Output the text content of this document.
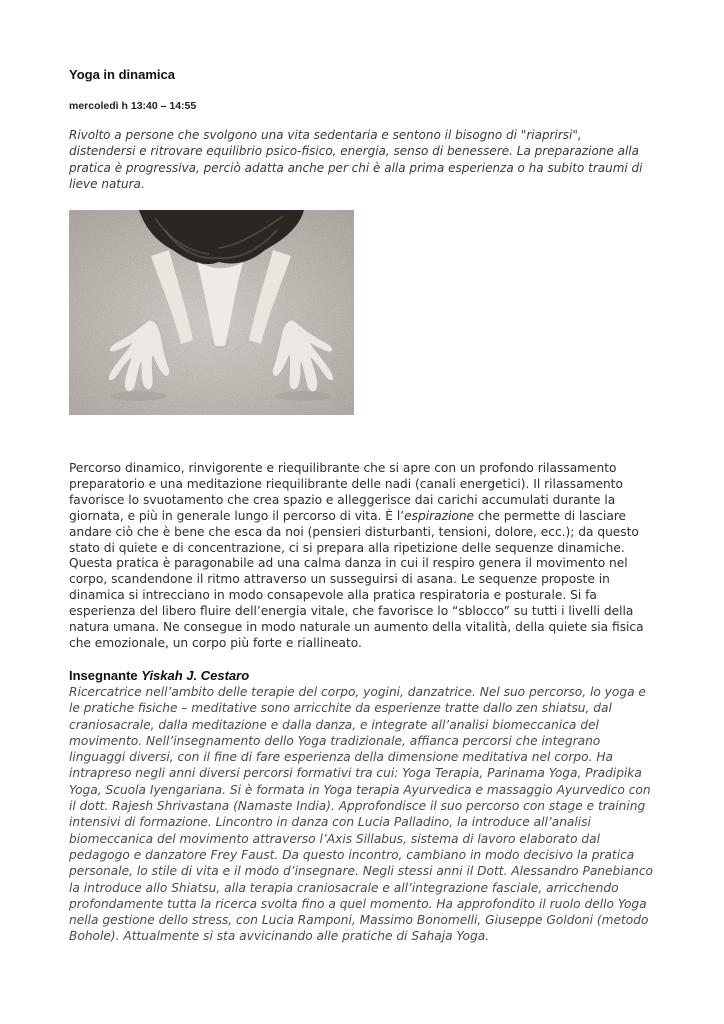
Yoga in dinamica
mercoledì h 13:40 – 14:55
Rivolto a persone che svolgono una vita sedentaria e sentono il bisogno di "riaprirsi", distendersi e ritrovare equilibrio psico-fisico, energia, senso di benessere. La preparazione alla pratica è progressiva, perciò adatta anche per chi è alla prima esperienza o ha subito traumi di lieve natura.
Percorso dinamico, rinvigorente e riequilibrante che si apre con un profondo rilassamento preparatorio e una meditazione riequilibrante delle nadi (canali energetici). Il rilassamento favorisce lo svuotamento che crea spazio e alleggerisce dai carichi accumulati durante la giornata, e più in generale lungo il percorso di vita. È l’espirazione che permette di lasciare andare ciò che è bene che esca da noi (pensieri disturbanti, tensioni, dolore, ecc.); da questo stato di quiete e di concentrazione, ci si prepara alla ripetizione delle sequenze dinamiche. Questa pratica è paragonabile ad una calma danza in cui il respiro genera il movimento nel corpo, scandendone il ritmo attraverso un susseguirsi di asana. Le sequenze proposte in dinamica si intrecciano in modo consapevole alla pratica respiratoria e posturale. Si fa esperienza del libero fluire dell’energia vitale, che favorisce lo “sblocco” su tutti i livelli della natura umana. Ne consegue in modo naturale un aumento della vitalità, della quiete sia fisica che emozionale, un corpo più forte e riallineato.
Insegnante Yiskah J. Cestaro
Ricercatrice nell’ambito delle terapie del corpo, yogini, danzatrice. Nel suo percorso, lo yoga e le pratiche fisiche – meditative sono arricchite da esperienze tratte dallo zen shiatsu, dal craniosacrale, dalla meditazione e dalla danza, e integrate all’analisi biomeccanica del movimento. Nell’insegnamento dello Yoga tradizionale, affianca percorsi che integrano linguaggi diversi, con il fine di fare esperienza della dimensione meditativa nel corpo. Ha intrapreso negli anni diversi percorsi formativi tra cui: Yoga Terapia, Parinama Yoga, Pradipika Yoga, Scuola Iyengariana. Si è formata in Yoga terapia Ayurvedica e massaggio Ayurvedico con il dott. Rajesh Shrivastana (Namaste India). Approfondisce il suo percorso con stage e training intensivi di formazione. Lincontro in danza con Lucia Palladino, la introduce all’analisi biomeccanica del movimento attraverso l’Axis Sillabus, sistema di lavoro elaborato dal pedagogo e danzatore Frey Faust. Da questo incontro, cambiano in modo decisivo la pratica personale, lo stile di vita e il modo d’insegnare. Negli stessi anni il Dott. Alessandro Panebianco la introduce allo Shiatsu, alla terapia craniosacrale e all’integrazione fasciale, arricchendo profondamente tutta la ricerca svolta fino a quel momento. Ha approfondito il ruolo dello Yoga nella gestione dello stress, con Lucia Ramponi, Massimo Bonomelli, Giuseppe Goldoni (metodo Bohole). Attualmente si sta avvicinando alle pratiche di Sahaja Yoga.
